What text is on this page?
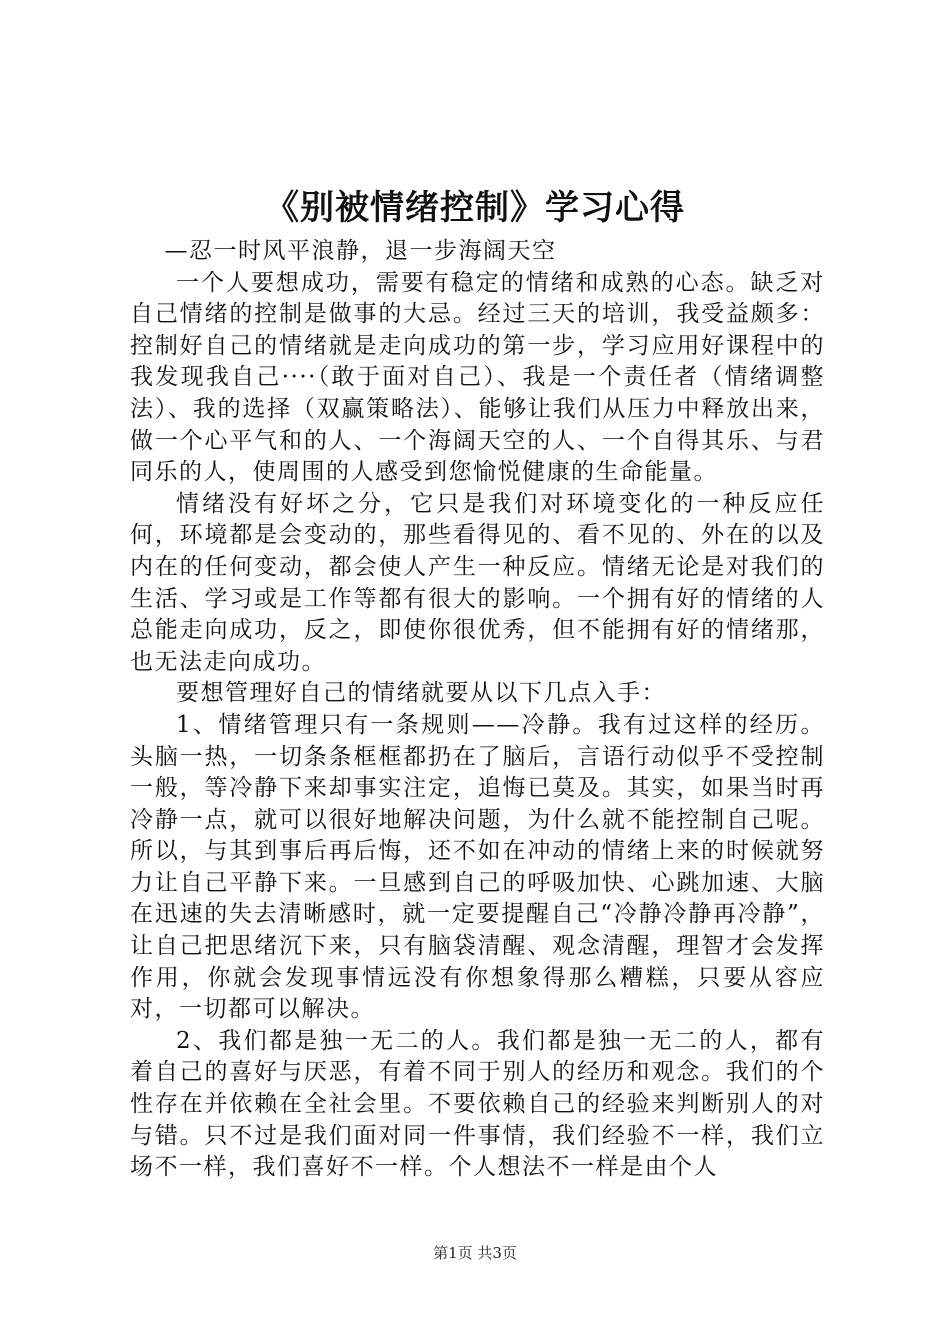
《别被情绪控制》学习心得

—忍一时风平浪静，退一步海阔天空

一个人要想成功，需要有稳定的情绪和成熟的心态。缺乏对自己情绪的控制是做事的大忌。经过三天的培训，我受益颇多：控制好自己的情绪就是走向成功的第一步，学习应用好课程中的我发现我自己····（敢于面对自己）、我是一个责任者（情绪调整法）、我的选择（双赢策略法）、能够让我们从压力中释放出来，做一个心平气和的人、一个海阔天空的人、一个自得其乐、与君同乐的人，使周围的人感受到您愉悦健康的生命能量。

情绪没有好坏之分，它只是我们对环境变化的一种反应任何，环境都是会变动的，那些看得见的、看不见的、外在的以及内在的任何变动，都会使人产生一种反应。情绪无论是对我们的生活、学习或是工作等都有很大的影响。一个拥有好的情绪的人总能走向成功，反之，即使你很优秀，但不能拥有好的情绪那，也无法走向成功。

要想管理好自己的情绪就要从以下几点入手：

1、情绪管理只有一条规则——冷静。我有过这样的经历。头脑一热，一切条条框框都扔在了脑后，言语行动似乎不受控制一般，等冷静下来却事实注定，追悔已莫及。其实，如果当时再冷静一点，就可以很好地解决问题，为什么就不能控制自己呢。所以，与其到事后再后悔，还不如在冲动的情绪上来的时候就努力让自己平静下来。一旦感到自己的呼吸加快、心跳加速、大脑在迅速的失去清晰感时，就一定要提醒自己“冷静冷静再冷静”，让自己把思绪沉下来，只有脑袋清醒、观念清醒，理智才会发挥作用，你就会发现事情远没有你想象得那么糟糕，只要从容应对，一切都可以解决。

2、我们都是独一无二的人。我们都是独一无二的人，都有着自己的喜好与厌恶，有着不同于别人的经历和观念。我们的个性存在并依赖在全社会里。不要依赖自己的经验来判断别人的对与错。只不过是我们面对同一件事情，我们经验不一样，我们立场不一样，我们喜好不一样。个人想法不一样是由个人

第1页 共3页
